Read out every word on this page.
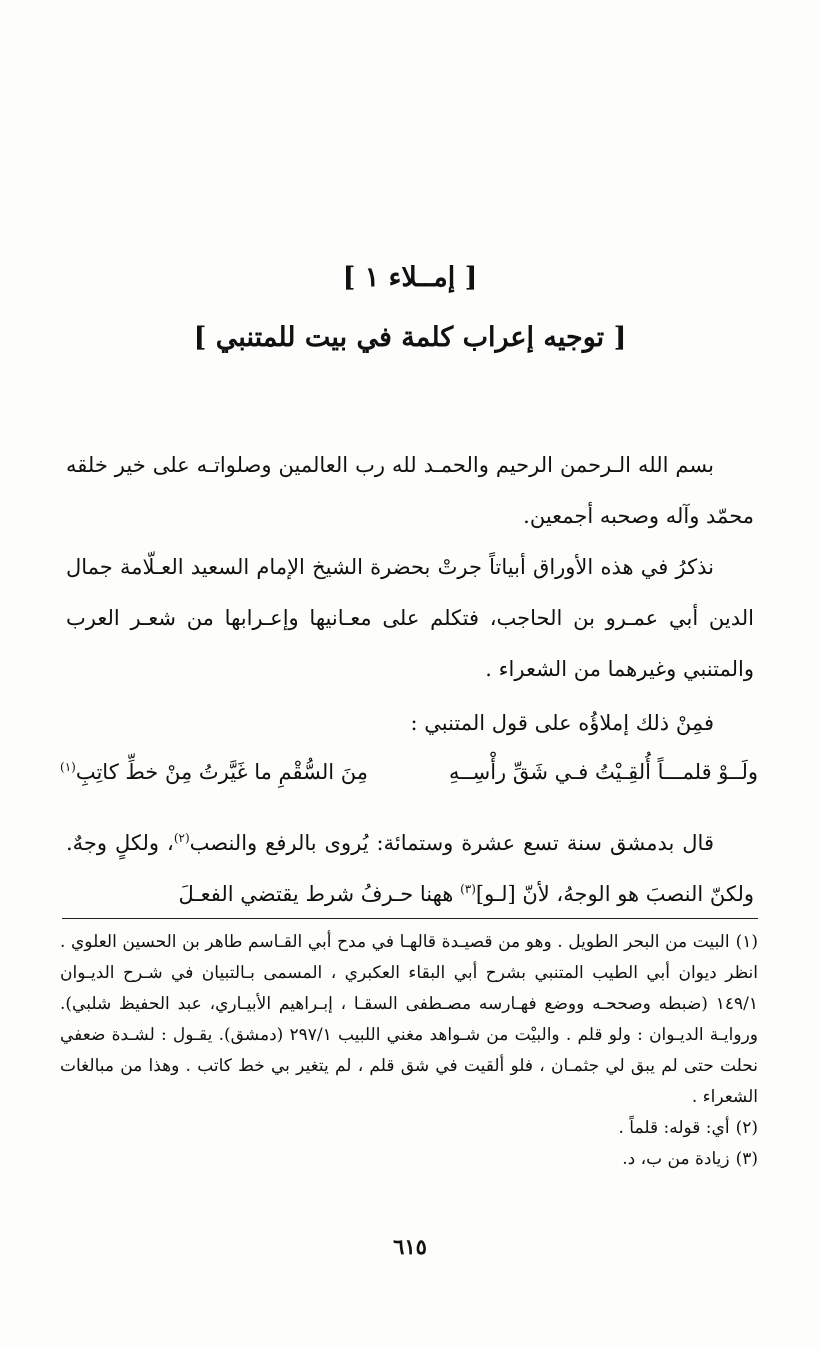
[ إمــلاء ١ ]
[ توجيه إعراب كلمة في بيت للمتنبي ]

بسم الله الـرحمن الرحيم والحمـد لله رب العالمين وصلواتـه على خير خلقه محمّد وآله وصحبه أجمعين.

نذكرُ في هذه الأوراق أبياتاً جرتْ بحضرة الشيخ الإمام السعيد العـلّامة جمال الدين أبي عمـرو بن الحاجب، فتكلم على معـانيها وإعـرابها من شعـر العرب والمتنبي وغيرهما من الشعراء .

فمِنْ ذلك إملاؤُه على قول المتنبي :

ولَــوْ قلمـــاً أُلقِـيْتُ فـي شَقِّ رأْسِــهِ
مِنَ السُّقْمِ ما غَيَّرتُ مِنْ خطِّ كاتِبِ$^{(١)}$

قال بدمشق سنة تسع عشرة وستمائة: يُروى بالرفع والنصب$^{(٢)}$، ولكلٍ وجهٌ. ولكنّ النصبَ هو الوجهُ، لأنّ [لـو]$^{(٣)}$ ههنا حـرفُ شرط يقتضي الفعـلَ

(١)البيت من البحر الطويل . وهو من قصيـدة قالهـا في مدح أبي القـاسم طاهر بن الحسين العلوي . انظر ديوان أبي الطيب المتنبي بشرح أبي البقاء العكبري ، المسمى بـالتبيان في شـرح الديـوان ١٤٩/١ (ضبطه وصححـه ووضع فهـارسه مصـطفى السقـا ، إبـراهيم الأبيـاري، عبد الحفيظ شلبي). وروايـة الديـوان : ولو قلم . والبيْت من شـواهد مغني اللبيب ٢٩٧/١ (دمشق). يقـول : لشـدة ضعفي نحلت حتى لم يبق لي جثمـان ، فلو ألقيت في شق قلم ، لم يتغير بي خط كاتب . وهذا من مبالغات الشعراء .

(٢)أي: قوله: قلماً .

(٣)زيادة من ب، د.

٦١٥
